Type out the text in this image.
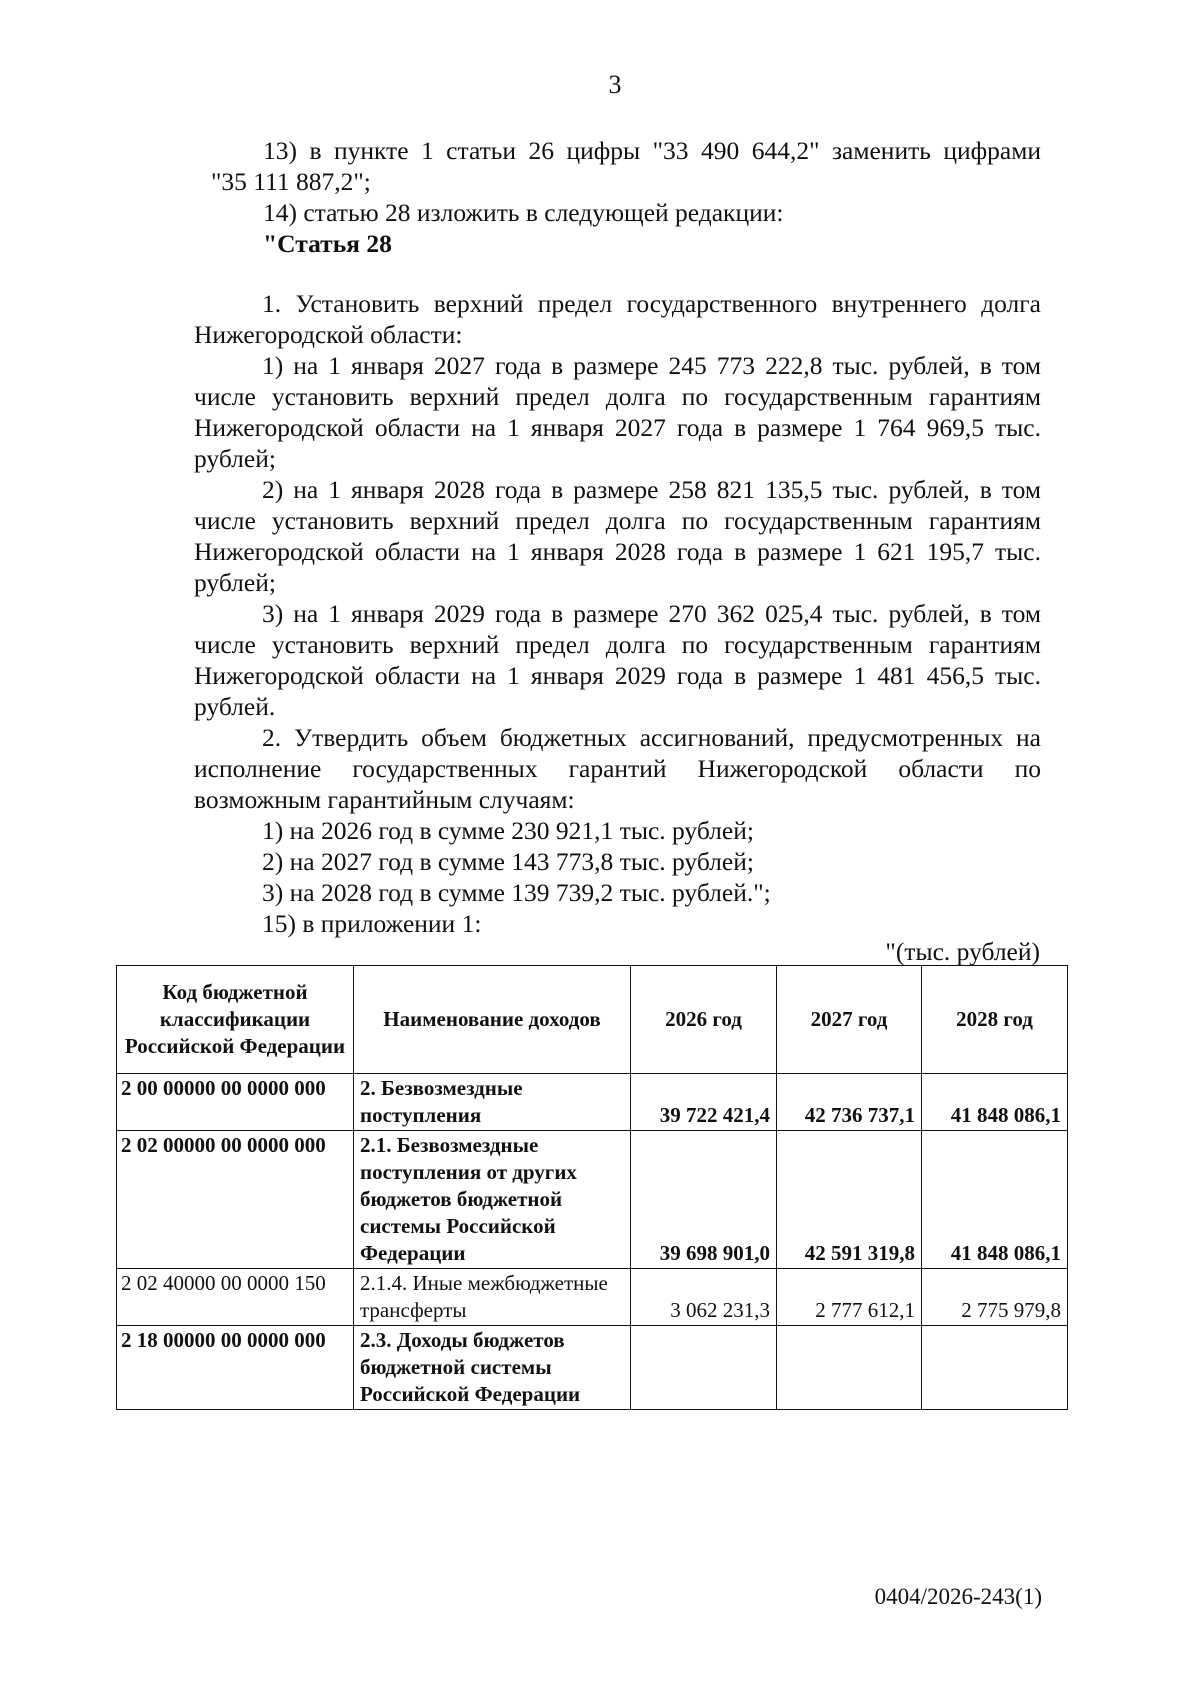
3

13) в пункте 1 статьи 26 цифры "33 490 644,2" заменить цифрами

"35 111 887,2";

14) статью 28 изложить в следующей редакции:

"Статья 28

1. Установить верхний предел государственного внутреннего долга Нижегородской области:

1) на 1 января 2027 года в размере 245 773 222,8 тыс. рублей, в том числе установить верхний предел долга по государственным гарантиям Нижегородской области на 1 января 2027 года в размере 1 764 969,5 тыс. рублей;

2) на 1 января 2028 года в размере 258 821 135,5 тыс. рублей, в том числе установить верхний предел долга по государственным гарантиям Нижегородской области на 1 января 2028 года в размере 1 621 195,7 тыс. рублей;

3) на 1 января 2029 года в размере 270 362 025,4 тыс. рублей, в том числе установить верхний предел долга по государственным гарантиям Нижегородской области на 1 января 2029 года в размере 1 481 456,5 тыс. рублей.

2. Утвердить объем бюджетных ассигнований, предусмотренных на исполнение государственных гарантий Нижегородской области по возможным гарантийным случаям:

1) на 2026 год в сумме 230 921,1 тыс. рублей;

2) на 2027 год в сумме 143 773,8 тыс. рублей;

3) на 2028 год в сумме 139 739,2 тыс. рублей.";

15) в приложении 1:

"(тыс. рублей)
Код бюджетной классификации Российской Федерации	Наименование доходов	2026 год	2027 год	2028 год
2 00 00000 00 0000 000	2. Безвозмездные поступления	39 722 421,4	42 736 737,1	41 848 086,1
2 02 00000 00 0000 000	2.1. Безвозмездные поступления от других бюджетов бюджетной системы Российской Федерации	39 698 901,0	42 591 319,8	41 848 086,1
2 02 40000 00 0000 150	2.1.4. Иные межбюджетные трансферты	3 062 231,3	2 777 612,1	2 775 979,8
2 18 00000 00 0000 000	2.3. Доходы бюджетов бюджетной системы Российской Федерации			
0404/2026-243(1)
